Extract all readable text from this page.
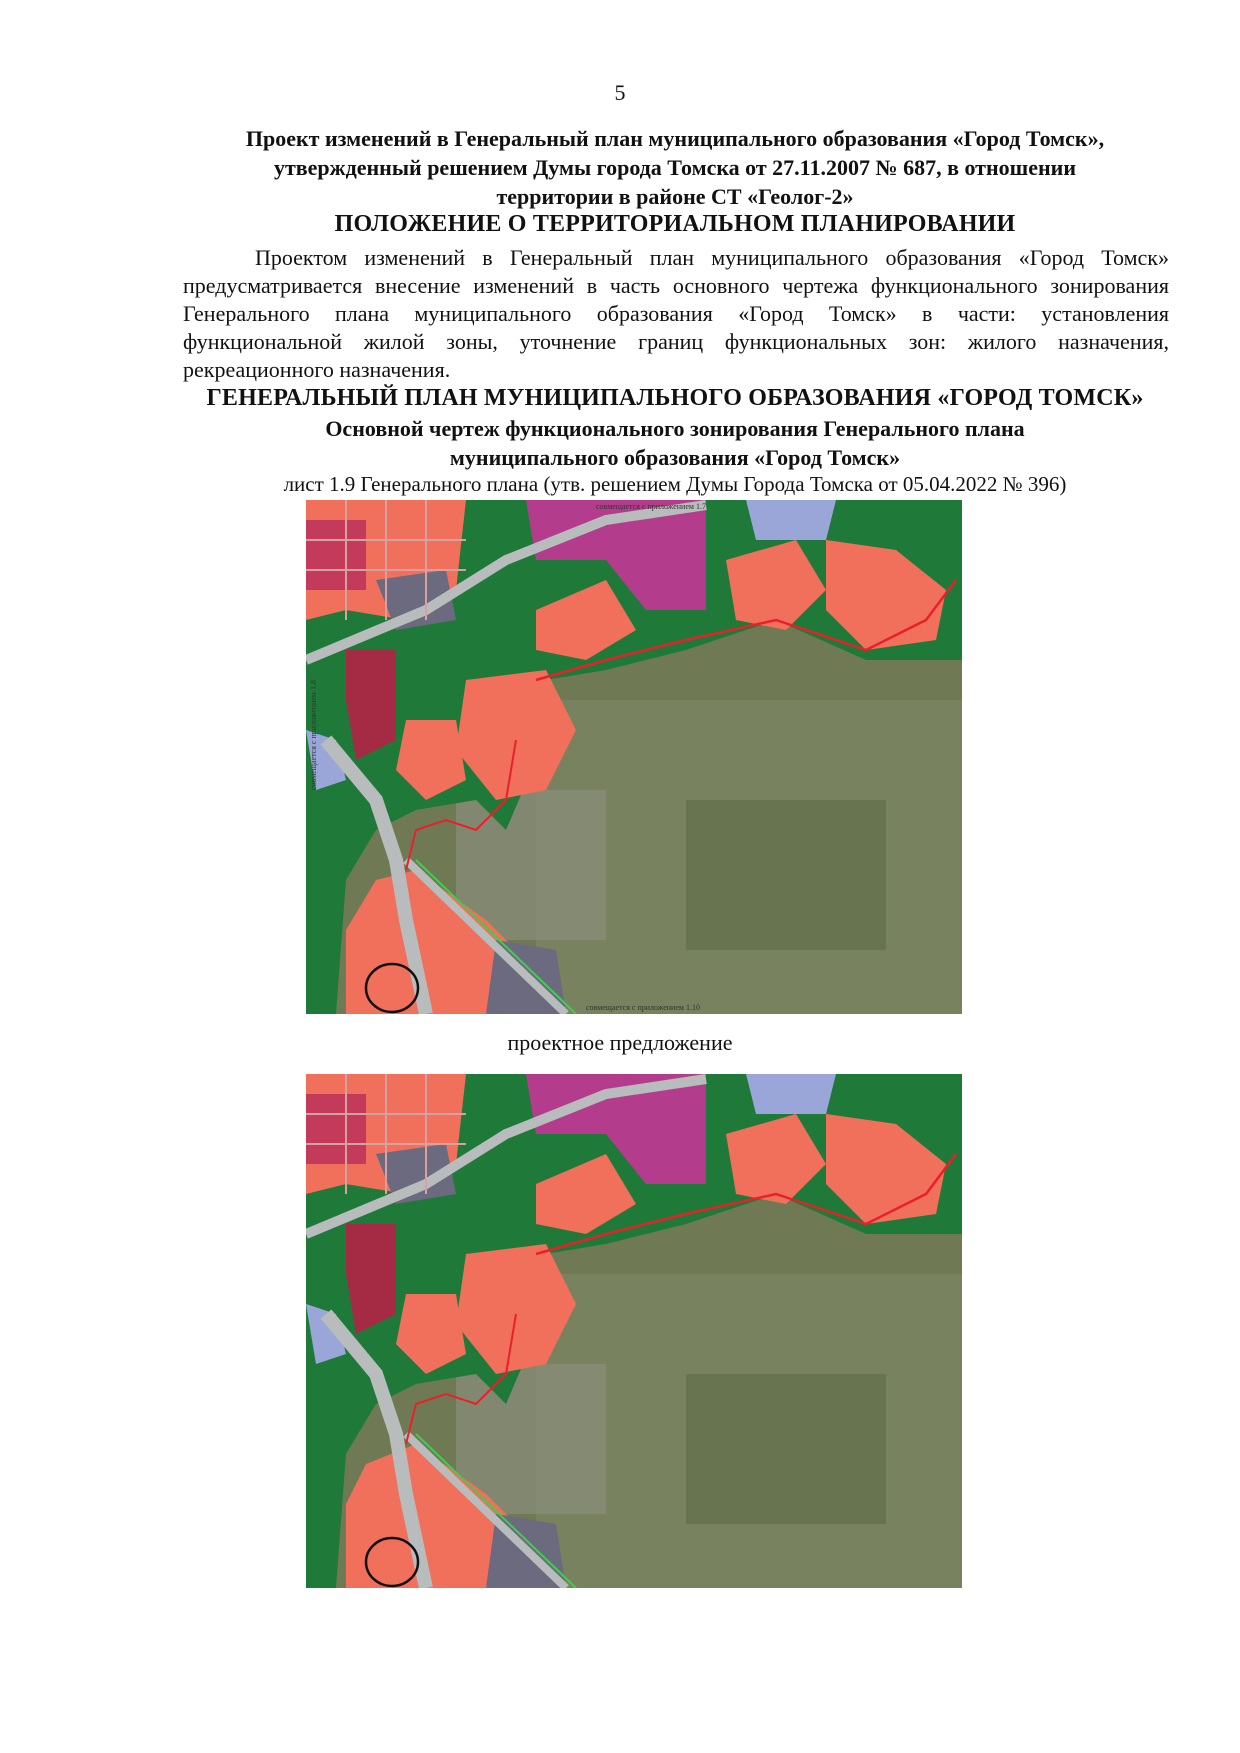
5
Проект изменений в Генеральный план муниципального образования «Город Томск»,
утвержденный решением Думы города Томска от 27.11.2007 № 687, в отношении
территории в районе СТ «Геолог-2»
ПОЛОЖЕНИЕ О ТЕРРИТОРИАЛЬНОМ ПЛАНИРОВАНИИ
Проектом изменений в Генеральный план муниципального образования «Город Томск» предусматривается внесение изменений в часть основного чертежа функционального зонирования Генерального плана муниципального образования «Город Томск» в части: установления функциональной жилой зоны, уточнение границ функциональных зон: жилого назначения, рекреационного назначения.
ГЕНЕРАЛЬНЫЙ ПЛАН МУНИЦИПАЛЬНОГО ОБРАЗОВАНИЯ «ГОРОД ТОМСК»
Основной чертеж функционального зонирования Генерального плана
муниципального образования «Город Томск»
лист 1.9 Генерального плана (утв. решением Думы Города Томска от 05.04.2022 № 396)
совмещается с приложением 1.7
совмещается с приложением 1.8
совмещается с приложением 1.10
проектное предложение
